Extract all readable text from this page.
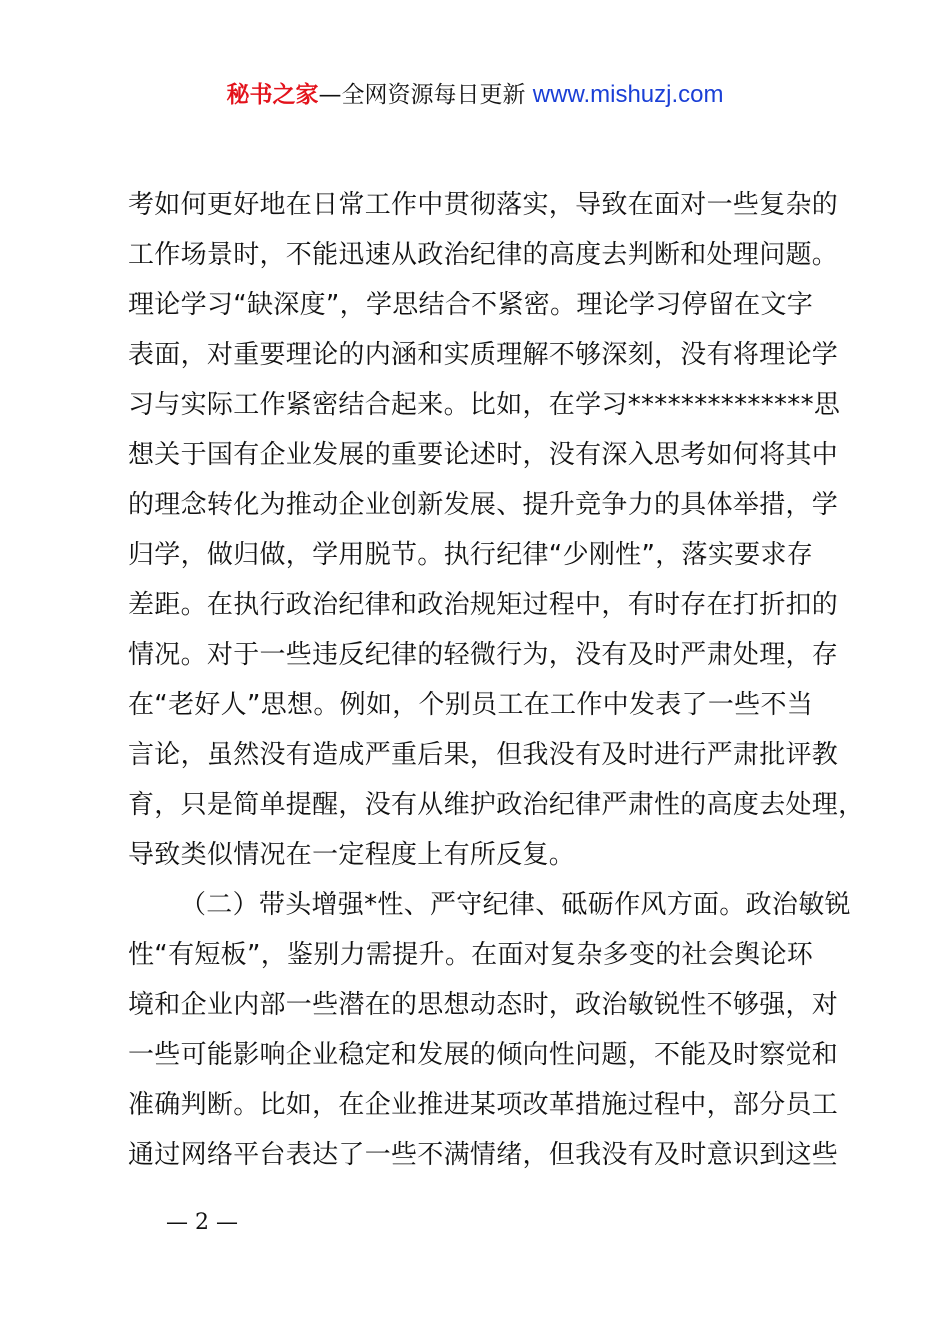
秘书之家—全网资源每日更新 www.mishuzj.com
考如何更好地在日常工作中贯彻落实，导致在面对一些复杂的
工作场景时，不能迅速从政治纪律的高度去判断和处理问题。
理论学习“缺深度”，学思结合不紧密。理论学习停留在文字
表面，对重要理论的内涵和实质理解不够深刻，没有将理论学
习与实际工作紧密结合起来。比如，在学习**************思
想关于国有企业发展的重要论述时，没有深入思考如何将其中
的理念转化为推动企业创新发展、提升竞争力的具体举措，学
归学，做归做，学用脱节。执行纪律“少刚性”，落实要求存
差距。在执行政治纪律和政治规矩过程中，有时存在打折扣的
情况。对于一些违反纪律的轻微行为，没有及时严肃处理，存
在“老好人”思想。例如，个别员工在工作中发表了一些不当
言论，虽然没有造成严重后果，但我没有及时进行严肃批评教
育，只是简单提醒，没有从维护政治纪律严肃性的高度去处理，
导致类似情况在一定程度上有所反复。
（二）带头增强*性、严守纪律、砥砺作风方面。政治敏锐
性“有短板”，鉴别力需提升。在面对复杂多变的社会舆论环
境和企业内部一些潜在的思想动态时，政治敏锐性不够强，对
一些可能影响企业稳定和发展的倾向性问题，不能及时察觉和
准确判断。比如，在企业推进某项改革措施过程中，部分员工
通过网络平台表达了一些不满情绪，但我没有及时意识到这些
— 2 —
